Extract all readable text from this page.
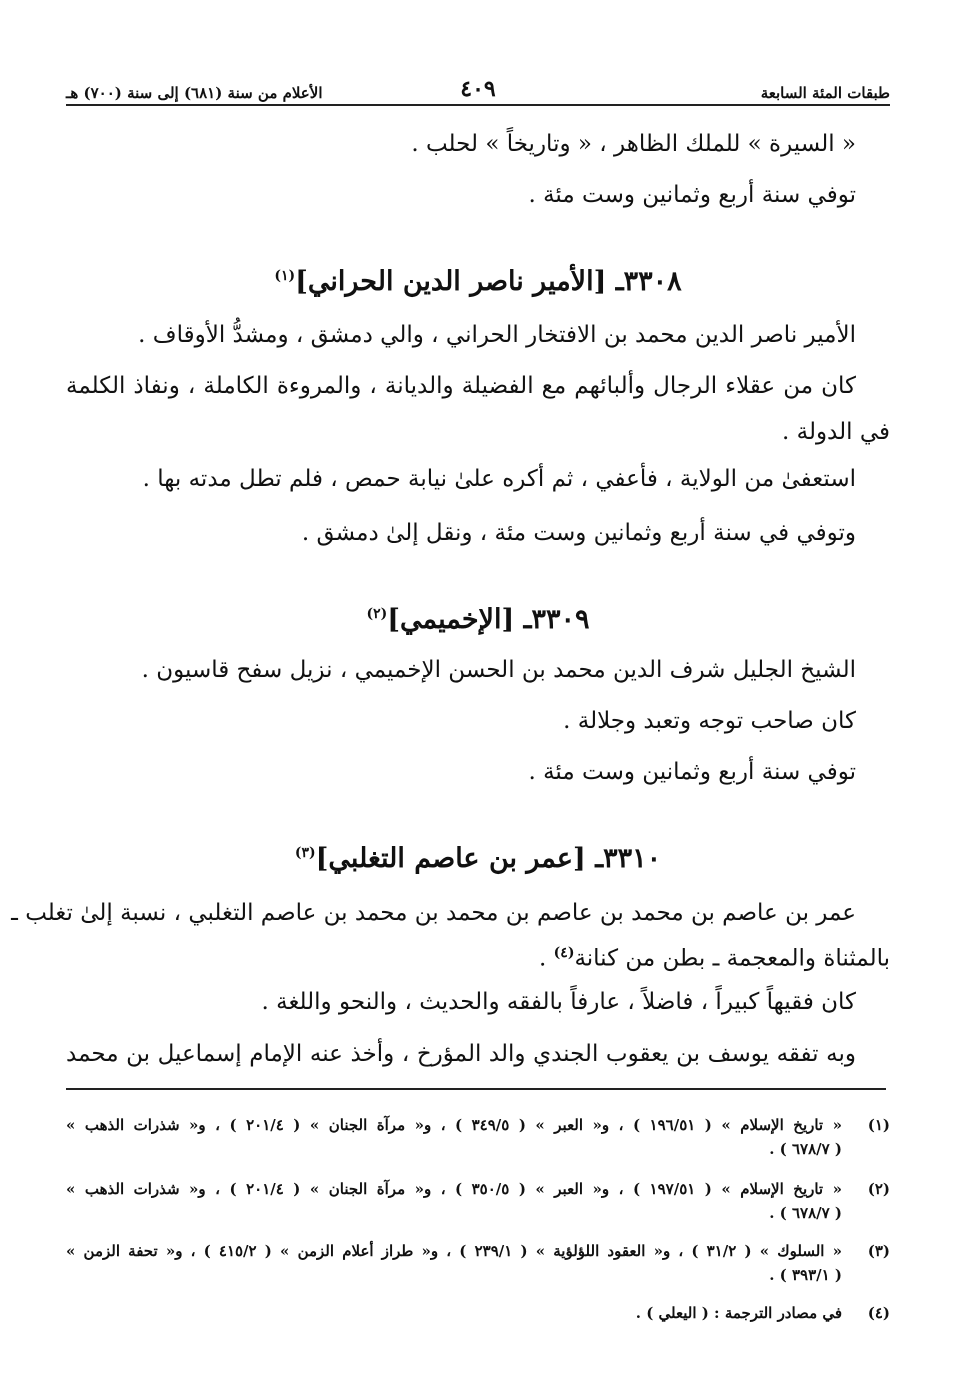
طبقات المئة السابعة
٤٠٩
الأعلام من سنة (٦٨١) إلى سنة (٧٠٠) هـ
« السيرة » للملك الظاهر ، « وتاريخاً » لحلب .
توفي سنة أربع وثمانين وست مئة .
٣٣٠٨ـ [الأمير ناصر الدين الحراني]$^{(١)}$
الأمير ناصر الدين محمد بن الافتخار الحراني ، والي دمشق ، ومشدُّ الأوقاف .
كان من عقلاء الرجال وألبائهم مع الفضيلة والديانة ، والمروءة الكاملة ، ونفاذ الكلمة
في الدولة .
استعفىٰ من الولاية ، فأعفي ، ثم أكره علىٰ نيابة حمص ، فلم تطل مدته بها .
وتوفي في سنة أربع وثمانين وست مئة ، ونقل إلىٰ دمشق .
٣٣٠٩ـ [الإخميمي]$^{(٢)}$
الشيخ الجليل شرف الدين محمد بن الحسن الإخميمي ، نزيل سفح قاسيون .
كان صاحب توجه وتعبد وجلالة .
توفي سنة أربع وثمانين وست مئة .
٣٣١٠ـ [عمر بن عاصم التغلبي]$^{(٣)}$
عمر بن عاصم بن محمد بن عاصم بن محمد بن محمد بن عاصم التغلبي ، نسبة إلىٰ تغلب ـ
بالمثناة والمعجمة ـ بطن من كنانة$^{(٤)}$ .
كان فقيهاً كبيراً ، فاضلاً ، عارفاً بالفقه والحديث ، والنحو واللغة .
وبه تفقه يوسف بن يعقوب الجندي والد المؤرخ ، وأخذ عنه الإمام إسماعيل بن محمد
(١)
« تاريخ الإسلام » ( ١٩٦/٥١ ) ، و« العبر » ( ٣٤٩/٥ ) ، و« مرآة الجنان » ( ٢٠١/٤ ) ، و« شذرات الذهب »
( ٦٧٨/٧ ) .
(٢)
« تاريخ الإسلام » ( ١٩٧/٥١ ) ، و« العبر » ( ٣٥٠/٥ ) ، و« مرآة الجنان » ( ٢٠١/٤ ) ، و« شذرات الذهب »
( ٦٧٨/٧ ) .
(٣)
« السلوك » ( ٣١/٢ ) ، و« العقود اللؤلؤية » ( ٢٣٩/١ ) ، و« طراز أعلام الزمن » ( ٤١٥/٢ ) ، و« تحفة الزمن »
( ٣٩٣/١ ) .
(٤)
في مصادر الترجمة : ( اليعلي ) .
